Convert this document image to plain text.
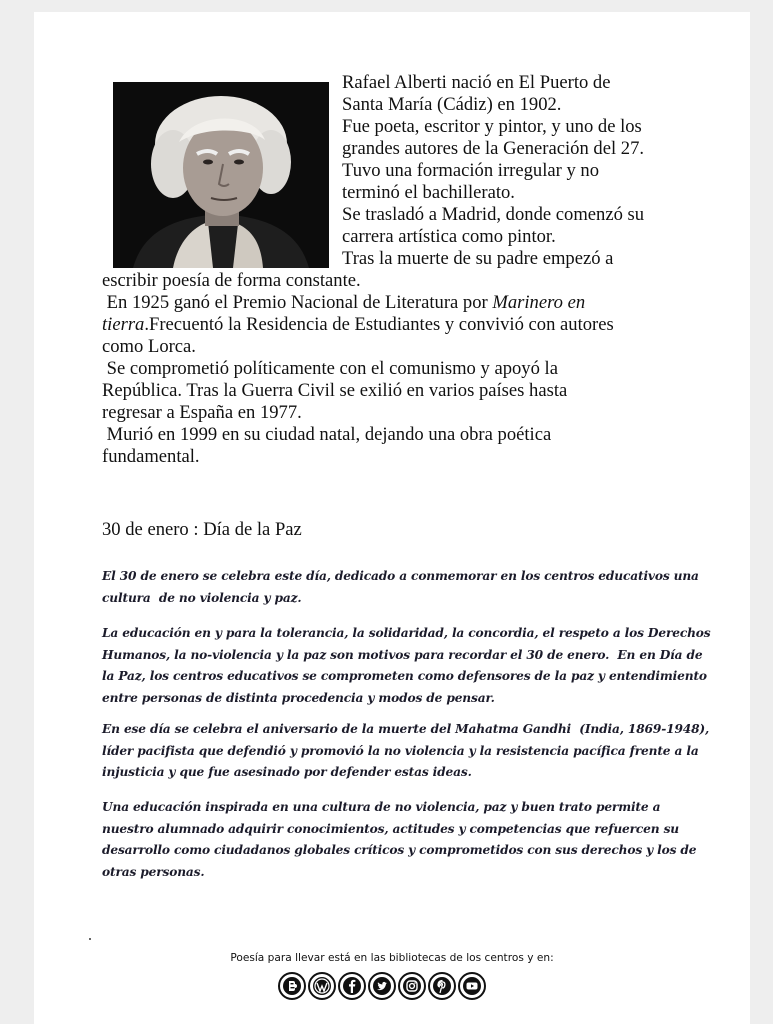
Rafael Alberti nació en El Puerto de
Santa María (Cádiz) en 1902.
Fue poeta, escritor y pintor, y uno de los
grandes autores de la Generación del 27.
Tuvo una formación irregular y no
terminó el bachillerato.
Se trasladó a Madrid, donde comenzó su
carrera artística como pintor.
Tras la muerte de su padre empezó a
escribir poesía de forma constante.
En 1925 ganó el Premio Nacional de Literatura por Marinero en
tierra.Frecuentó la Residencia de Estudiantes y convivió con autores
como Lorca.
Se comprometió políticamente con el comunismo y apoyó la
República. Tras la Guerra Civil se exilió en varios países hasta
regresar a España en 1977.
Murió en 1999 en su ciudad natal, dejando una obra poética
fundamental.
30 de enero : Día de la Paz
El 30 de enero se celebra este día, dedicado a conmemorar en los centros educativos una
cultura  de no violencia y paz.
La educación en y para la tolerancia, la solidaridad, la concordia, el respeto a los Derechos
Humanos, la no-violencia y la paz son motivos para recordar el 30 de enero.  En en Día de
la Paz, los centros educativos se comprometen como defensores de la paz y entendimiento
entre personas de distinta procedencia y modos de pensar.
En ese día se celebra el aniversario de la muerte del Mahatma Gandhi  (India, 1869-1948),
líder pacifista que defendió y promovió la no violencia y la resistencia pacífica frente a la
injusticia y que fue asesinado por defender estas ideas.
Una educación inspirada en una cultura de no violencia, paz y buen trato permite a
nuestro alumnado adquirir conocimientos, actitudes y competencias que refuercen su
desarrollo como ciudadanos globales críticos y comprometidos con sus derechos y los de
otras personas.
Poesía para llevar está en las bibliotecas de los centros y en:
